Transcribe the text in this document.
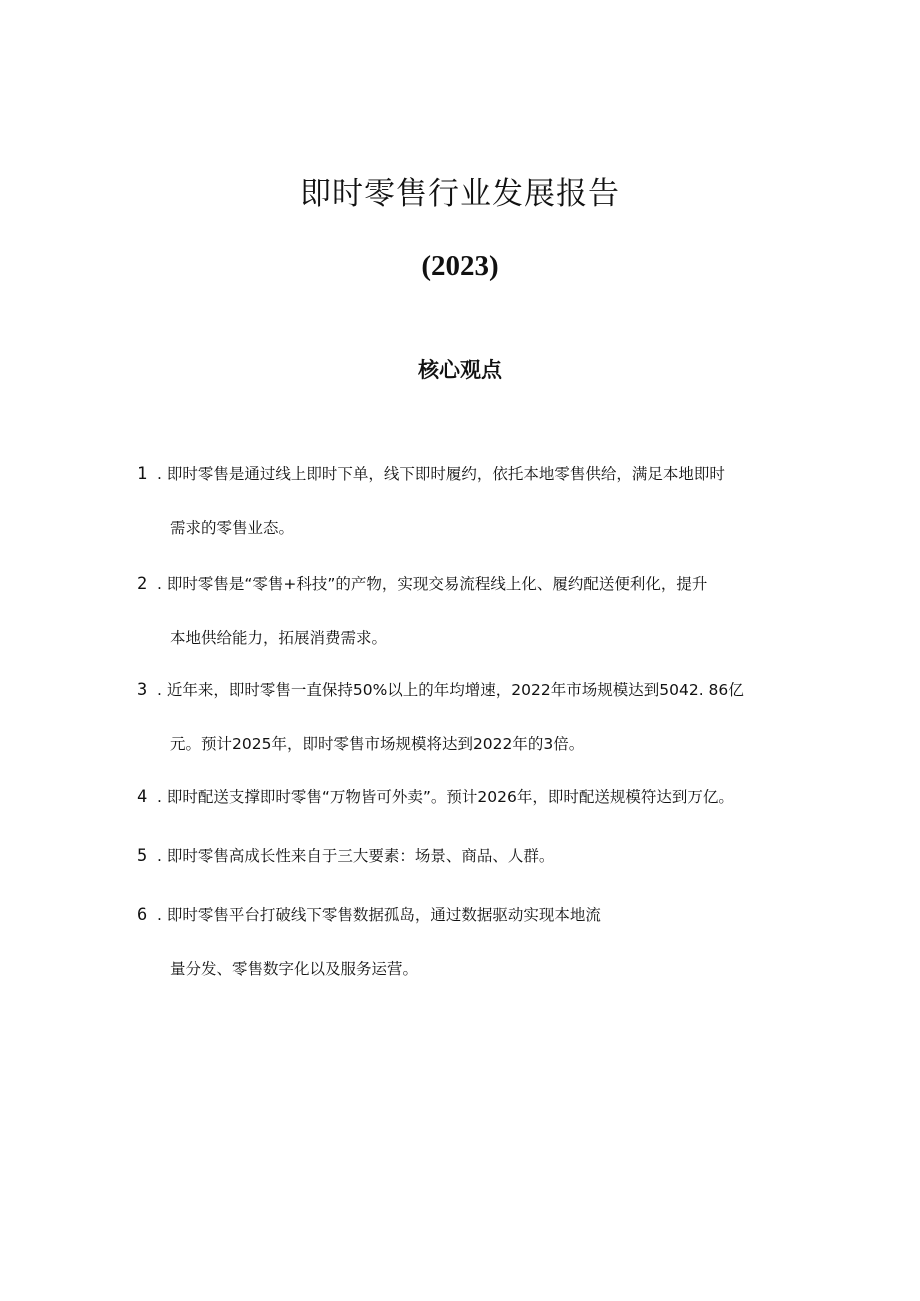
即时零售行业发展报告
(2023)
核心观点
1 . 即时零售是通过线上即时下单，线下即时履约，依托本地零售供给，满足本地即时
需求的零售业态。
2 . 即时零售是“零售+科技”的产物，实现交易流程线上化、履约配送便利化，提升
本地供给能力，拓展消费需求。
3 . 近年来，即时零售一直保持50%以上的年均增速，2022年市场规模达到5042. 86亿
元。预计2025年，即时零售市场规模将达到2022年的3倍。
4 . 即时配送支撑即时零售“万物皆可外卖”。预计2026年，即时配送规模符达到万亿。
5 . 即时零售高成长性来自于三大要素：场景、商品、人群。
6 . 即时零售平台打破线下零售数据孤岛，通过数据驱动实现本地流
量分发、零售数字化以及服务运营。
